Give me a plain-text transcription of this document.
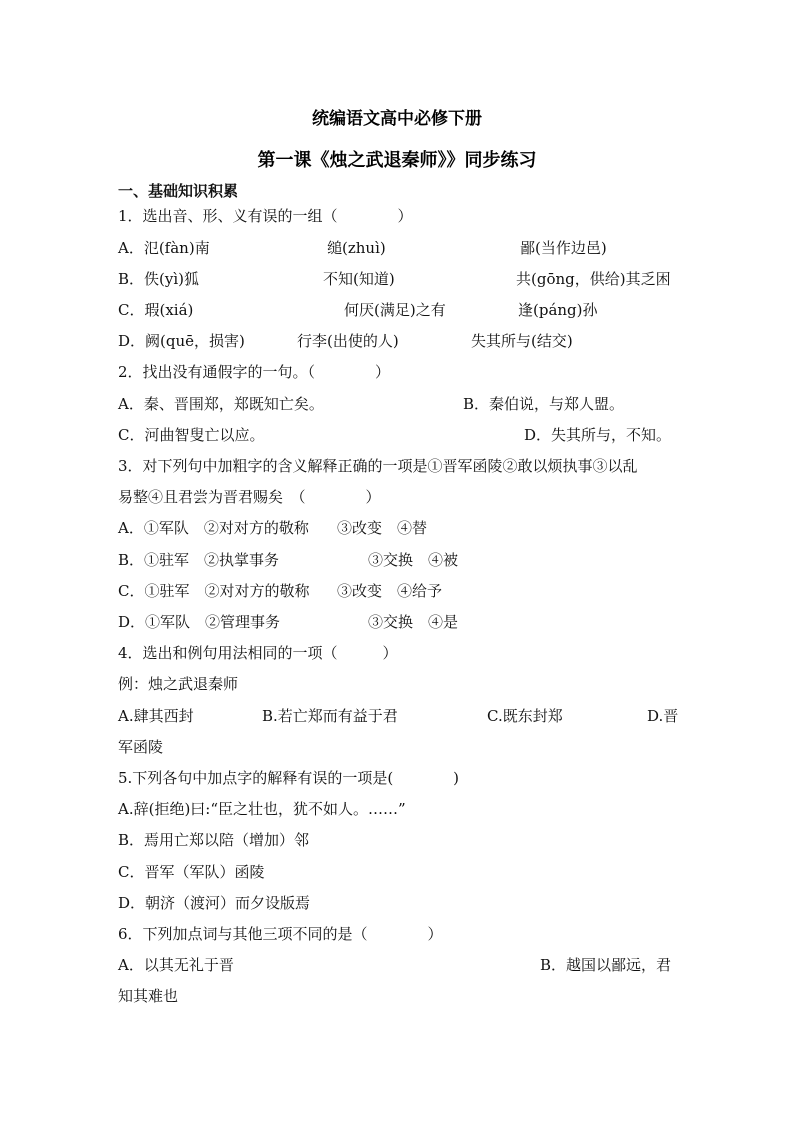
统编语文高中必修下册
第一课《烛之武退秦师》》同步练习
一、基础知识积累
1．选出音、形、义有误的一组（　　　　）
A．氾(fàn)南	缒(zhuì)	鄙(当作边邑)
B．佚(yì)狐	不知(知道)	共(gōng，供给)其乏困
C．瑕(xiá)	何厌(满足)之有	逢(páng)孙
D．阙(quē，损害)	行李(出使的人)	失其所与(结交)
2．找出没有通假字的一句。（　　　　）
A．秦、晋围郑，郑既知亡矣。	B．秦伯说，与郑人盟。
C．河曲智叟亡以应。	D．失其所与，不知。
3．对下列句中加粗字的含义解释正确的一项是①晋军函陵②敢以烦执事③以乱
易整④且君尝为晋君赐矣　（　　　　）
A．①军队　②对对方的敬称 ③改变　④替
B．①驻军　②执掌事务	③交换　④被
C．①驻军　②对对方的敬称 ③改变　④给予
D．①军队　②管理事务	③交换　④是
4．选出和例句用法相同的一项（　　　）
例：烛之武退秦师
A.肆其西封	B.若亡郑而有益于君	C.既东封郑	D.晋
军函陵
5.下列各句中加点字的解释有误的一项是(　　　　)
A.辞(拒绝)曰:“臣之壮也，犹不如人。……”
B．焉用亡郑以陪（增加）邻
C．晋军（军队）函陵
D．朝济（渡河）而夕设版焉
6．下列加点词与其他三项不同的是（　　　　）
A．以其无礼于晋	B．越国以鄙远，君
知其难也
